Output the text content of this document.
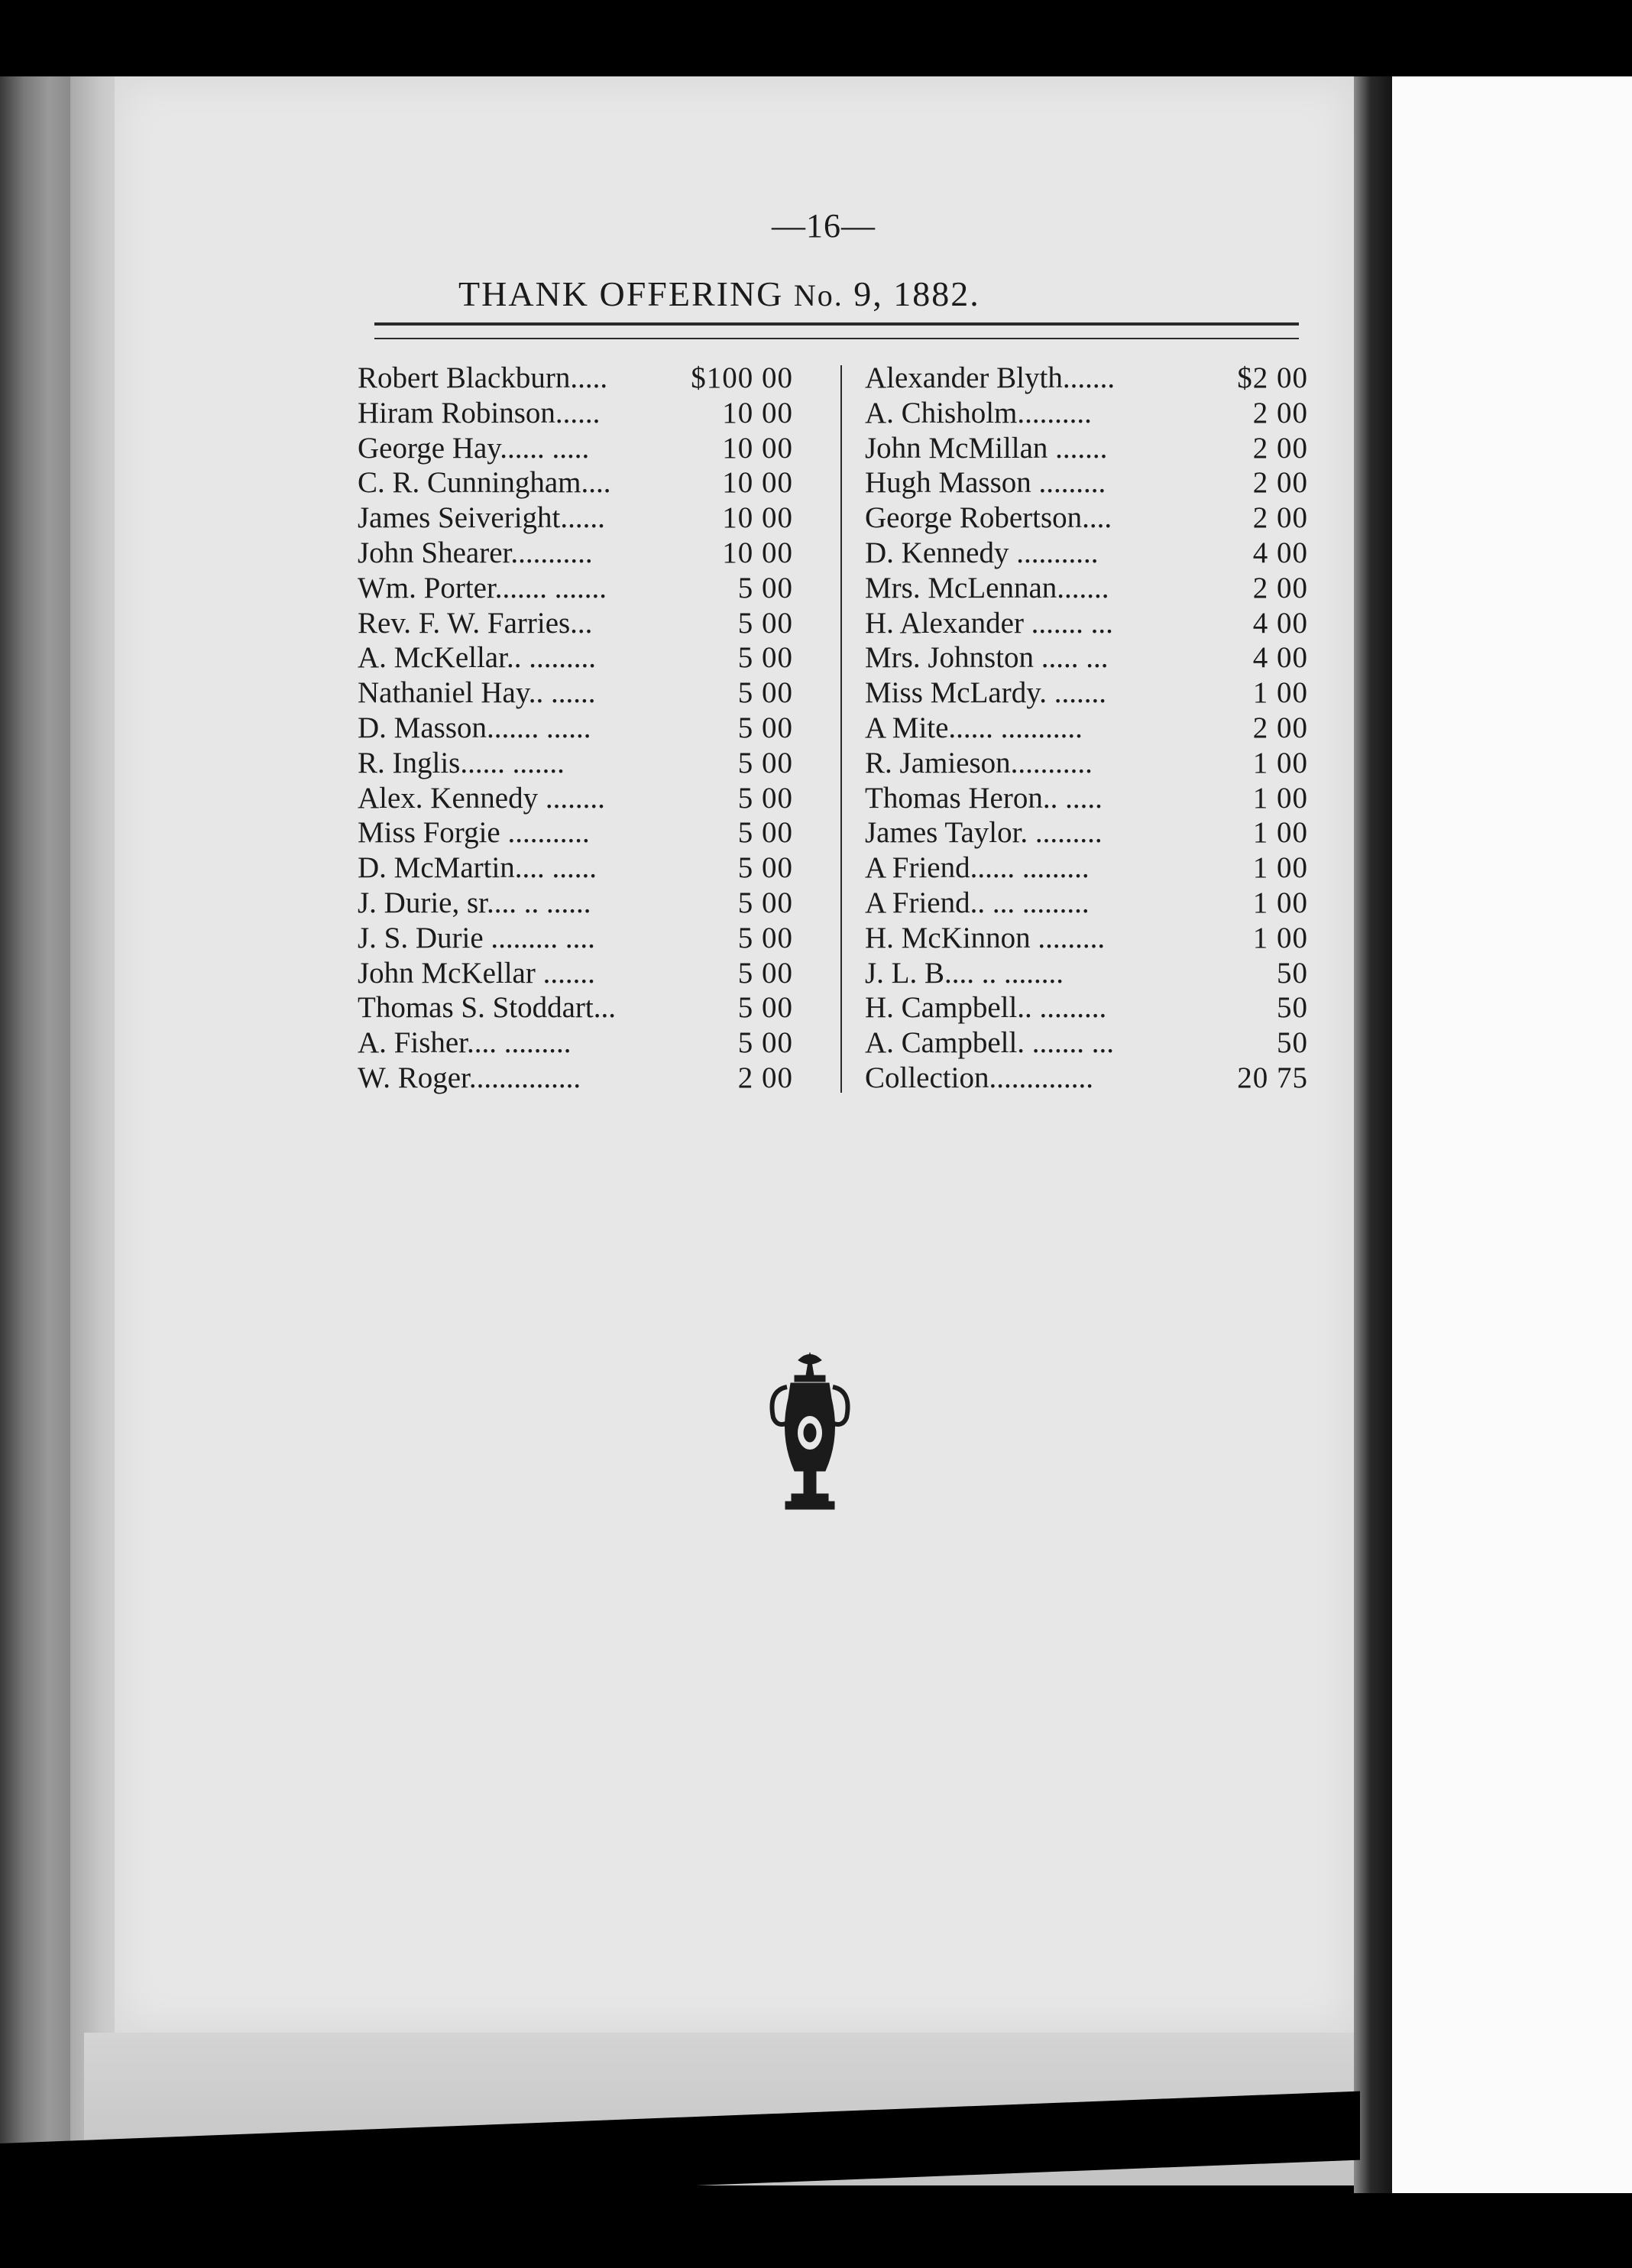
—16—
THANK OFFERING No. 9, 1882.
Robert Blackburn.....	$100 00
Hiram Robinson......	10 00
George Hay...... .....	10 00
C. R. Cunningham....	10 00
James Seiveright......	10 00
John Shearer...........	10 00
Wm. Porter....... .......	5 00
Rev. F. W. Farries...	5 00
A. McKellar.. .........	5 00
Nathaniel Hay.. ......	5 00
D. Masson....... ......	5 00
R. Inglis...... .......	5 00
Alex. Kennedy ........	5 00
Miss Forgie ...........	5 00
D. McMartin.... ......	5 00
J. Durie, sr.... .. ......	5 00
J. S. Durie ......... ....	5 00
John McKellar .......	5 00
Thomas S. Stoddart...	5 00
A. Fisher.... .........	5 00
W. Roger...............	2 00
Alexander Blyth.......	$2 00
A. Chisholm..........	2 00
John McMillan .......	2 00
Hugh Masson .........	2 00
George Robertson....	2 00
D. Kennedy ...........	4 00
Mrs. McLennan.......	2 00
H. Alexander ....... ...	4 00
Mrs. Johnston ..... ...	4 00
Miss McLardy. .......	1 00
A Mite...... ...........	2 00
R. Jamieson...........	1 00
Thomas Heron.. .....	1 00
James Taylor. .........	1 00
A Friend...... .........	1 00
A Friend.. ... .........	1 00
H. McKinnon .........	1 00
J. L. B.... .. ........	50
H. Campbell.. .........	50
A. Campbell. ....... ...	50
Collection..............	20 75
